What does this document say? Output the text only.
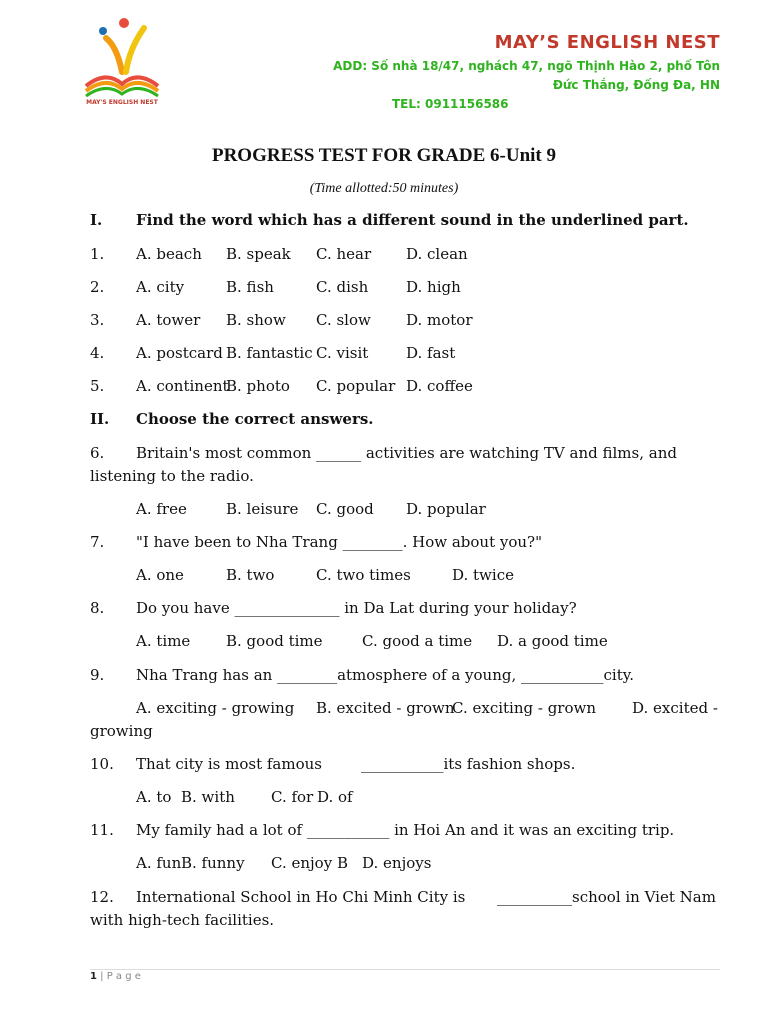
MAY'S ENGLISH NEST
MAY’S ENGLISH NEST
ADD: Số nhà 18/47, nghách 47, ngõ Thịnh Hào 2, phố Tôn
Đức Thắng, Đống Đa, HN
TEL: 0911156586
PROGRESS TEST FOR GRADE 6-Unit 9
(Time allotted:50 minutes)
I. Find the word which has a different sound in the underlined part.
1. A. beach B. speak C. hear D. clean
2. A. city	B. fish	C. dish	D. high
3. A. tower B. show C. slow D. motor
4. A. postcard B. fantastic C. visit	D. fast
5. A. continent
B. photo C. popular D. coffee
II. Choose the correct answers.
6. Britain's most common ______ activities are watching TV and films, and
listening to the radio.
A. free	B. leisure C. good D. popular
7. "I have been to Nha Trang ________. How about you?"
A. one	B. two	C. two times	D. twice
8. Do you have ______________ in Da Lat during your holiday?
A. time B. good time	C. good a time D. a good time
9. Nha Trang has an ________atmosphere of a young, ___________city.
A. exciting - growing B. excited - grown
C. exciting - grown D. excited -
growing
10. That city is most famous	___________its fashion shops.
A. to B. with C. for D. of
11. My family had a lot of ___________ in Hoi An and it was an exciting trip.
A. fun B. funny C. enjoy B D. enjoys
12. International School in Ho Chi Minh City is __________school in Viet Nam
with high-tech facilities.
1 | P a g e
